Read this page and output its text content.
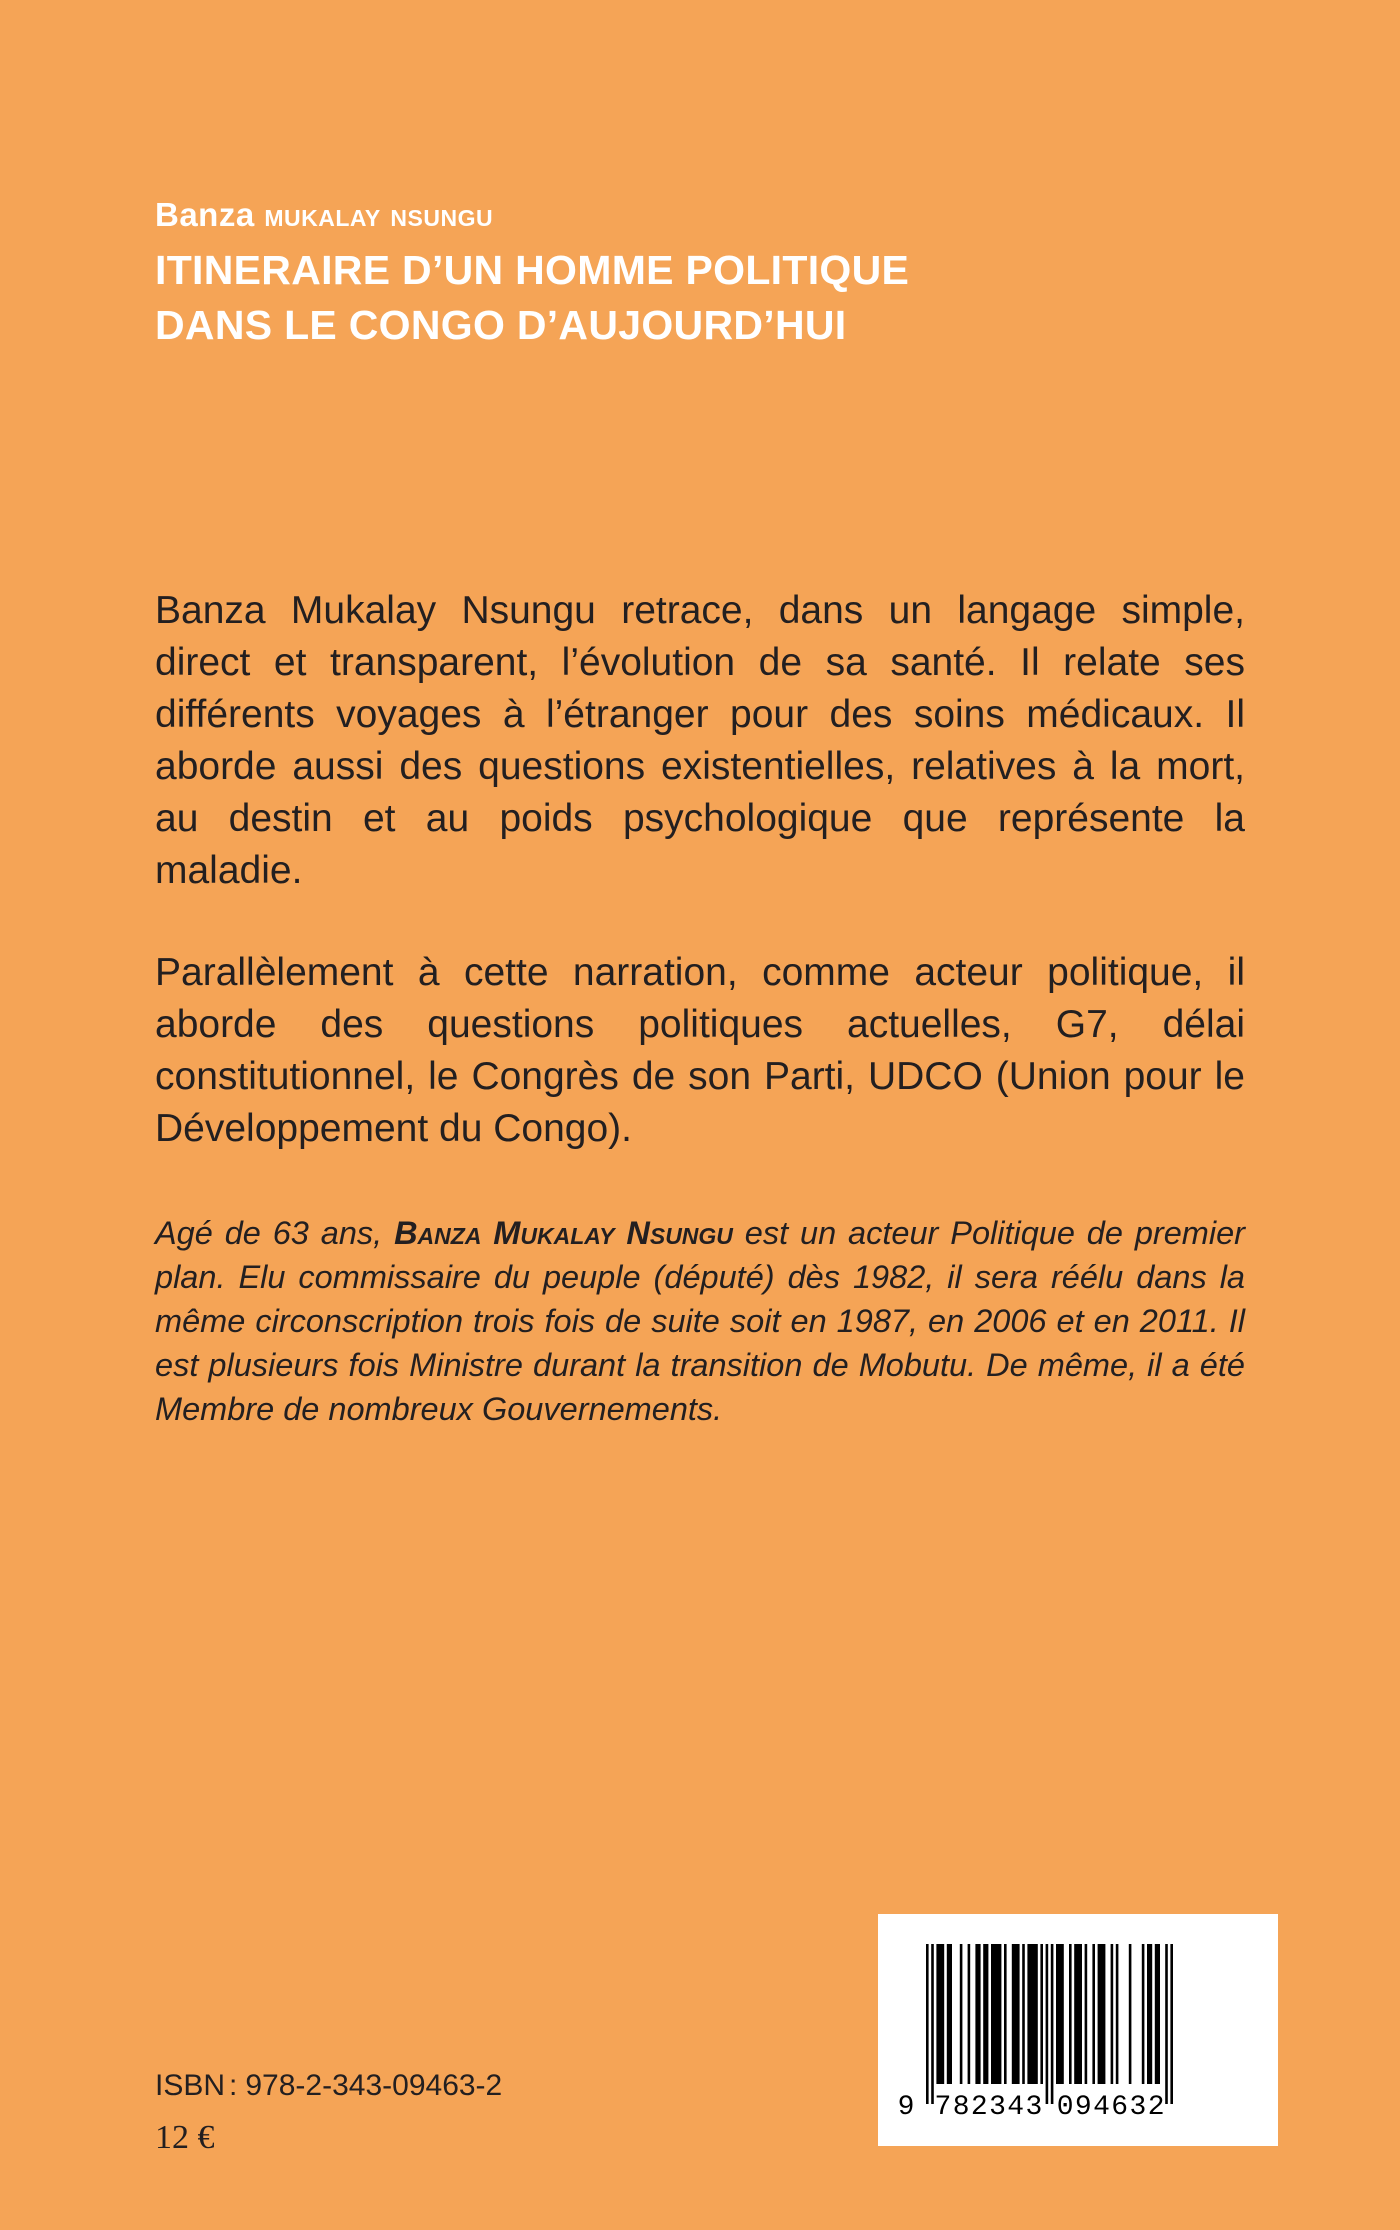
Banza mukalay nsungu
ITINERAIRE D’UN HOMME POLITIQUE
DANS LE CONGO D’AUJOURD’HUI

Banza Mukalay Nsungu retrace, dans un langage simple, direct et transparent, l’évolution de sa santé. Il relate ses différents voyages à l’étranger pour des soins médicaux. Il aborde aussi des questions existentielles, relatives à la mort, au destin et au poids psychologique que représente la maladie.

Parallèlement à cette narration, comme acteur politique, il aborde des questions politiques actuelles, G7, délai constitutionnel, le Congrès de son Parti, UDCO (Union pour le Développement du Congo).

Agé de 63 ans, Banza Mukalay Nsungu est un acteur Politique de premier plan. Elu commissaire du peuple (député) dès 1982, il sera réélu dans la même circonscription trois fois de suite soit en 1987, en 2006 et en 2011. Il est plusieurs fois Ministre durant la transition de Mobutu. De même, il a été Membre de nombreux Gouvernements.

9 7 8 2 3 4 3 0 9 4 6 3 2
ISBN : 978-2-343-09463-2
12 €
